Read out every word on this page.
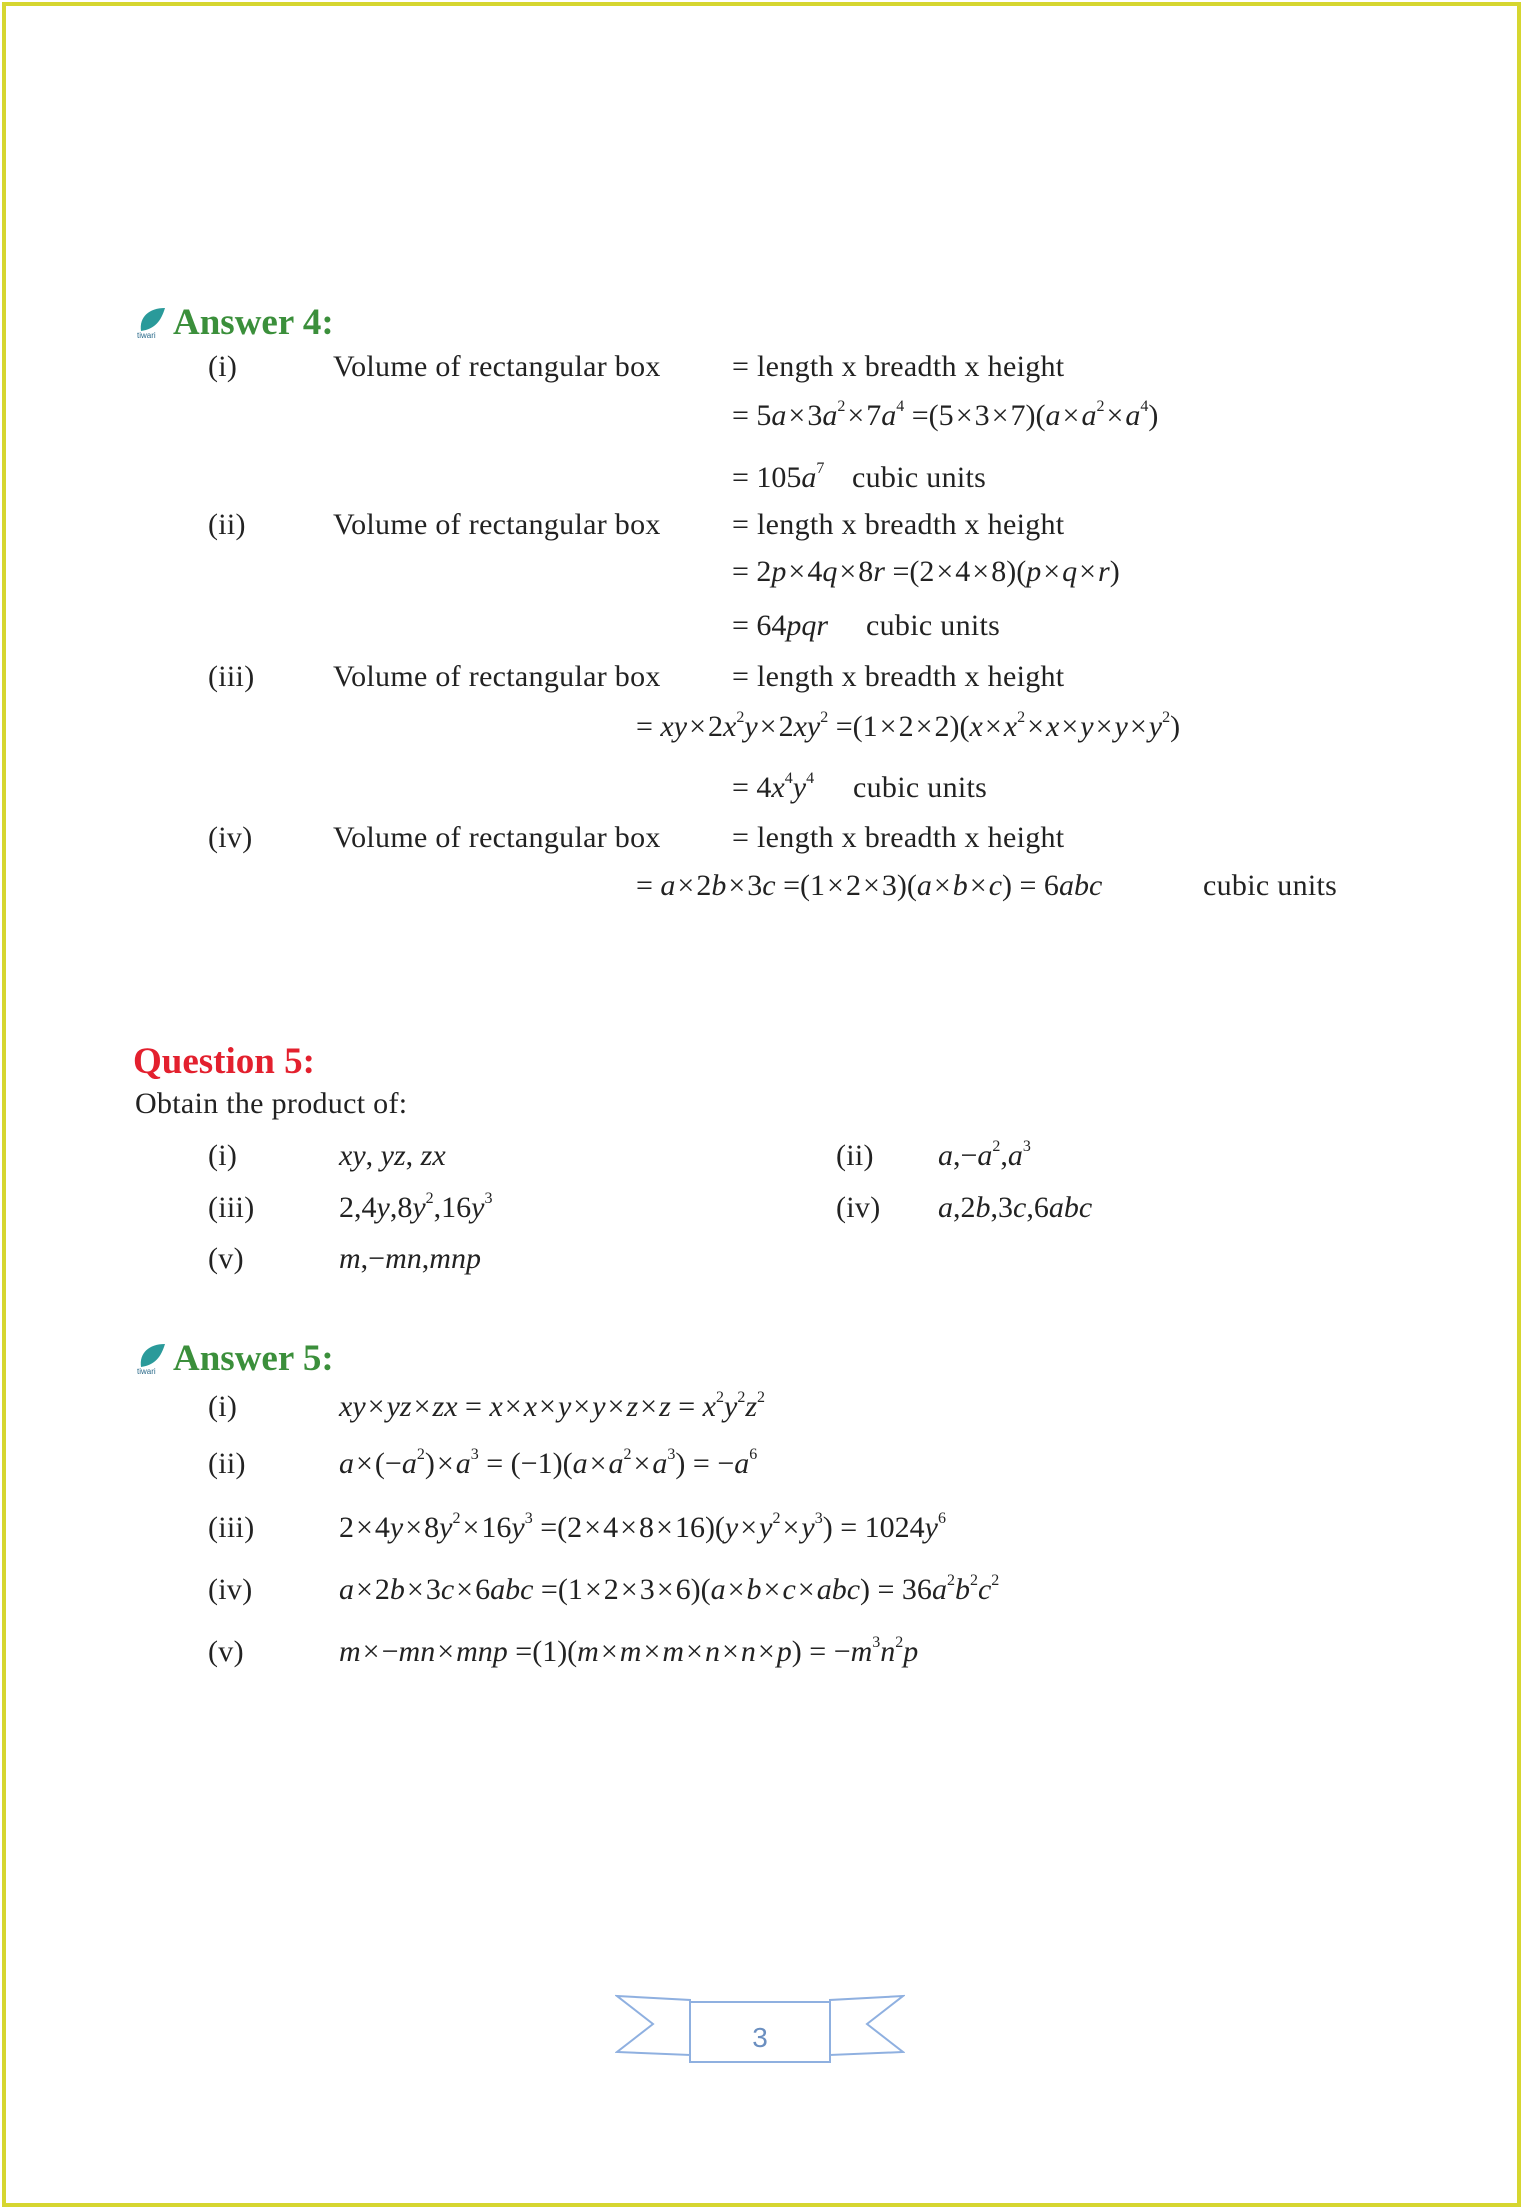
tiwari Answer 4:
(i)	Volume of rectangular box = length x breadth x height
= $5a\times 3a^2\times 7a^4 =(5\times 3\times 7)(a\times a^2\times a^4)$
= $105a^7$ cubic units
(ii)	Volume of rectangular box = length x breadth x height
= 2p×4q×8r =(2×4×8)(p×q×r)
= 64pqr cubic units
(iii)	Volume of rectangular box = length x breadth x height
= $xy\times 2x^2y\times 2xy^2 =(1\times 2\times 2)(x\times x^2\times x\times y\times y\times y^2)$
= $4x^4y^4$ cubic units
(iv)	Volume of rectangular box = length x breadth x height
= a×2b×3c =(1×2×3)(a×b×c) = 6abc	cubic units
Question 5:
Obtain the product of:
(i)	xy, yz, zx	(ii) $a,-a^2,a^3$
(iii)	$2,4y,8y^2,16y^3$	(iv) a,2b,3c,6abc
(v)	m,−mn,mnp
tiwari Answer 5:
(i)	$xy\times yz\times zx = x\times x\times y\times y\times z\times z = x^2y^2z^2$
(ii)	$a\times(-a^2)\times a^3 = (-1)(a\times a^2\times a^3) = -a^6$
(iii)	$2\times 4y\times 8y^2\times 16y^3 =(2\times 4\times 8\times 16)(y\times y^2\times y^3) = 1024y^6$
(iv)	$a\times 2b\times 3c\times 6abc =(1\times 2\times 3\times 6)(a\times b\times c\times abc) = 36a^2b^2c^2$
(v)	$m\times-mn\times mnp =(1)(m\times m\times m\times n\times n\times p) = -m^3n^2p$
3
